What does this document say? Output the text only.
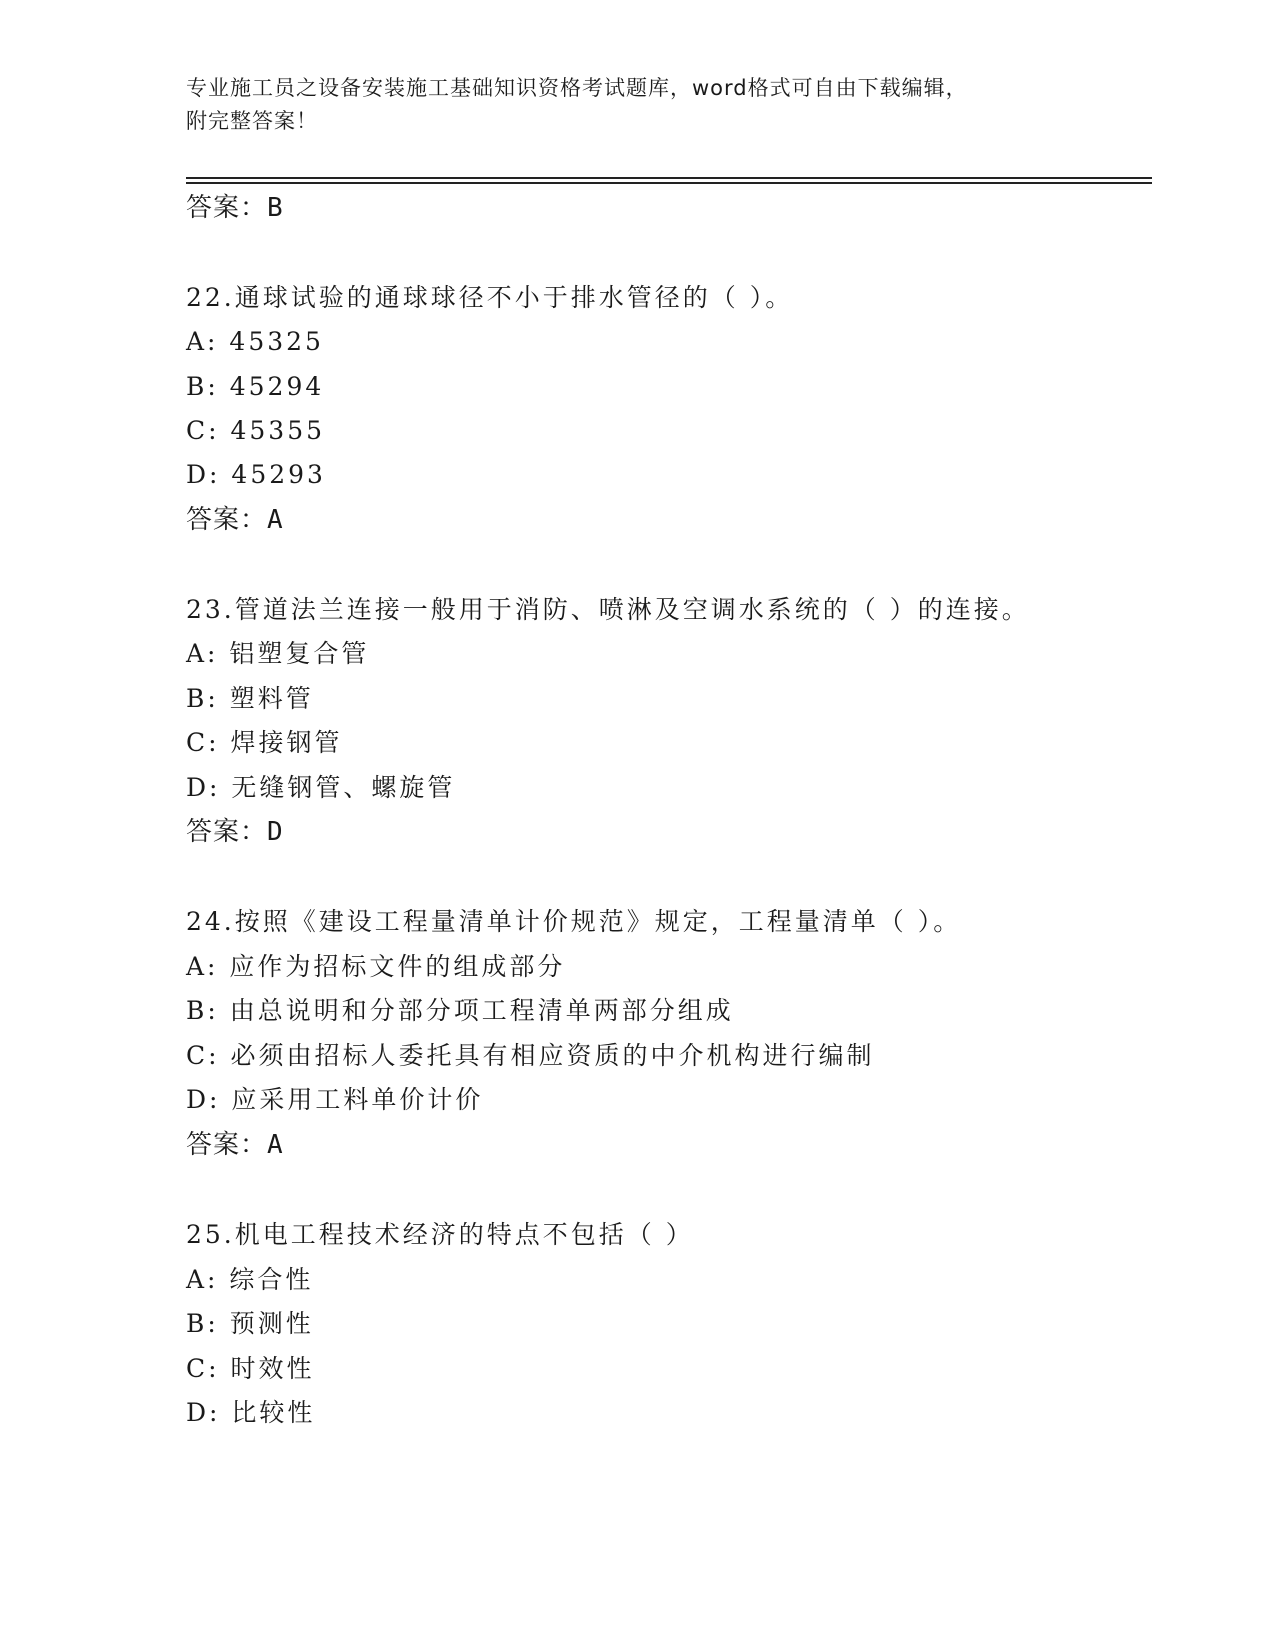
专业施工员之设备安装施工基础知识资格考试题库，word格式可自由下载编辑，
附完整答案！
答案：B
22.通球试验的通球球径不小于排水管径的（ ）。
A: 45325
B: 45294
C: 45355
D: 45293
答案：A
23.管道法兰连接一般用于消防、喷淋及空调水系统的（ ）的连接。
A: 铝塑复合管
B: 塑料管
C: 焊接钢管
D: 无缝钢管、螺旋管
答案：D
24.按照《建设工程量清单计价规范》规定，工程量清单（ ）。
A: 应作为招标文件的组成部分
B: 由总说明和分部分项工程清单两部分组成
C: 必须由招标人委托具有相应资质的中介机构进行编制
D: 应采用工料单价计价
答案：A
25.机电工程技术经济的特点不包括（ ）
A: 综合性
B: 预测性
C: 时效性
D: 比较性
